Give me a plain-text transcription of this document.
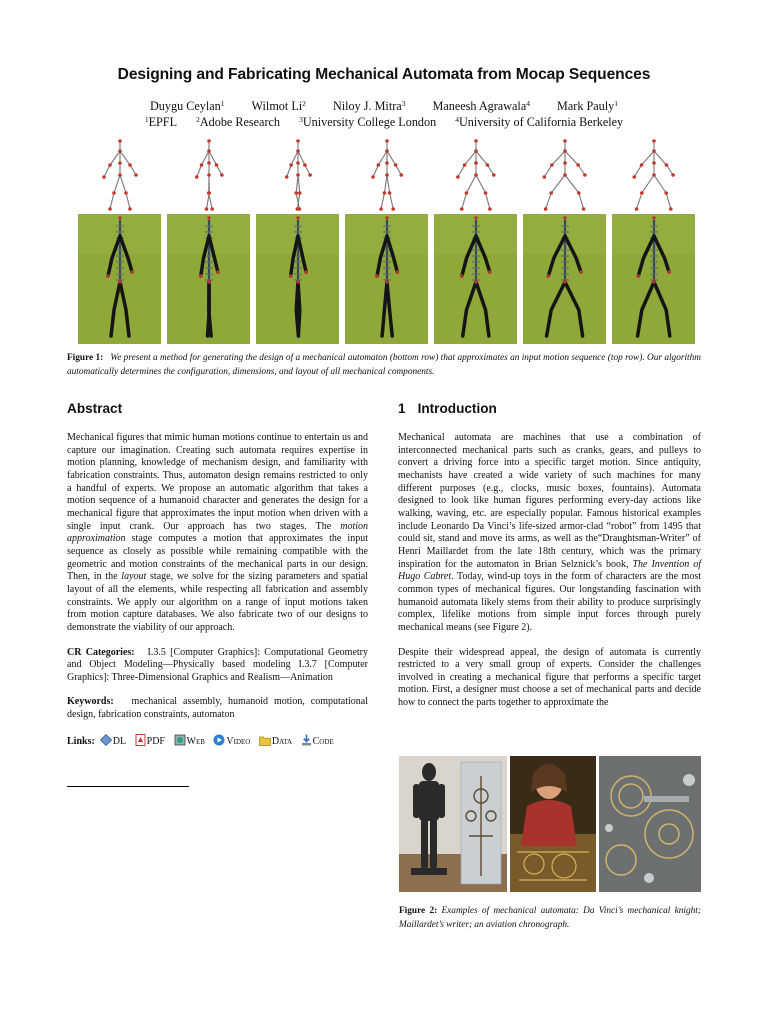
Designing and Fabricating Mechanical Automata from Mocap Sequences
Duygu Ceylan$^1$ Wilmot Li$^2$ Niloy J. Mitra$^3$ Maneesh Agrawala$^4$ Mark Pauly$^1$
$^1$EPFL	$^2$Adobe Research	$^3$University College London	$^4$University of California Berkeley
Figure 1: We present a method for generating the design of a mechanical automaton (bottom row) that approximates an input motion sequence (top row). Our algorithm automatically determines the configuration, dimensions, and layout of all mechanical components.
Abstract	1 Introduction

Mechanical figures that mimic human motions continue to entertain us and capture our imagination. Creating such automata requires expertise in motion planning, knowledge of mechanism design, and familiarity with fabrication constraints. Thus, automaton design remains restricted to only a handful of experts. We propose an automatic algorithm that takes a motion sequence of a humanoid character and generates the design for a mechanical figure that approximates the input motion when driven with a single input crank. Our approach has two stages. The motion approximation stage computes a motion that approximates the input sequence as closely as possible while remaining compatible with the geometric and motion constraints of the mechanical parts in our design. Then, in the layout stage, we solve for the sizing parameters and spatial layout of all the elements, while respecting all fabrication and assembly constraints. We apply our algorithm on a range of input motions taken from motion capture databases. We also fabricate two of our designs to demonstrate the viability of our approach.

CR Categories: I.3.5 [Computer Graphics]: Computational Geometry and Object Modeling—Physically based modeling I.3.7 [Computer Graphics]: Three-Dimensional Graphics and Realism—Animation

Keywords: mechanical assembly, humanoid motion, computational design, fabrication constraints, automaton

Links: DL PDF Web Video Data Code

Mechanical automata are machines that use a combination of interconnected mechanical parts such as cranks, gears, and pulleys to convert a driving force into a specific target motion. Since antiquity, mechanists have created a wide variety of such machines for many different purposes (e.g., clocks, music boxes, fountains). Automata designed to look like human figures performing every-day actions like walking, waving, etc. are especially popular. Famous historical examples include Leonardo Da Vinci’s life-sized armor-clad “robot” from 1495 that could sit, stand and move its arms, as well as the“Draughtsman-Writer” of Henri Maillardet from the late 18th century, which was the primary inspiration for the automaton in Brian Selznick’s book, The Invention of Hugo Cabret. Today, wind-up toys in the form of characters are the most common types of mechanical figures. Our longstanding fascination with humanoid automata likely stems from their ability to produce surprisingly complex, lifelike motions from simple input forces through purely mechanical means (see Figure 2).

Despite their widespread appeal, the design of automata is currently restricted to a very small group of experts. Consider the challenges involved in creating a mechanical figure that performs a specific target motion. First, a designer must choose a set of mechanical parts and decide how to connect the parts together to approximate the

Figure 2: Examples of mechanical automata: Da Vinci’s mechanical knight; Maillardet’s writer; an aviation chronograph.
